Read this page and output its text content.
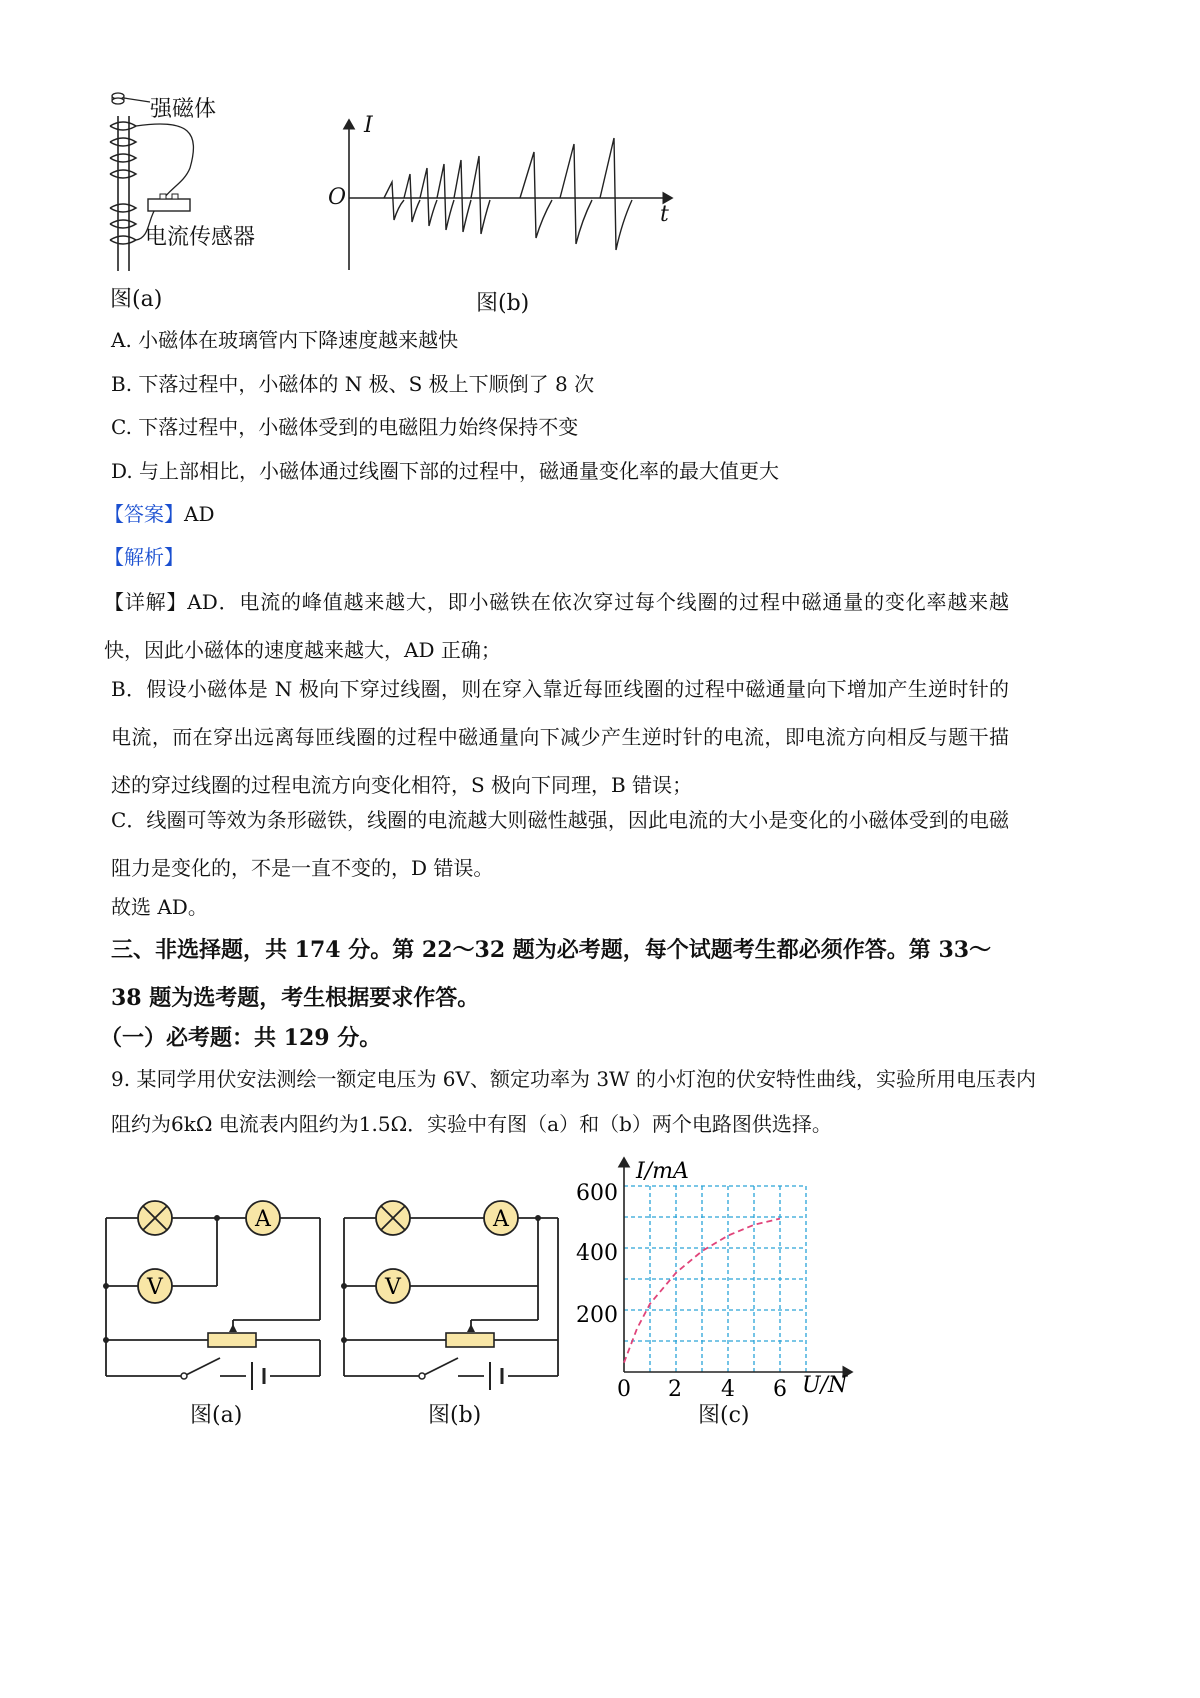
强磁体
电流传感器
图(a)
I
O
t
图(b)
A. 小磁体在玻璃管内下降速度越来越快
B. 下落过程中，小磁体的 N 极、S 极上下顺倒了 8 次
C. 下落过程中，小磁体受到的电磁阻力始终保持不变
D. 与上部相比，小磁体通过线圈下部的过程中，磁通量变化率的最大值更大
【答案】AD
【解析】
【详解】AD．电流的峰值越来越大，即小磁铁在依次穿过每个线圈的过程中磁通量的变化率越来越快，因此小磁体的速度越来越大，AD 正确；
B．假设小磁体是 N 极向下穿过线圈，则在穿入靠近每匝线圈的过程中磁通量向下增加产生逆时针的电流，而在穿出远离每匝线圈的过程中磁通量向下减少产生逆时针的电流，即电流方向相反与题干描述的穿过线圈的过程电流方向变化相符，S 极向下同理，B 错误；
C．线圈可等效为条形磁铁，线圈的电流越大则磁性越强，因此电流的大小是变化的小磁体受到的电磁阻力是变化的，不是一直不变的，D 错误。
故选 AD。
三、非选择题，共 174 分。第 22～32 题为必考题，每个试题考生都必须作答。第 33～38 题为选考题，考生根据要求作答。
（一）必考题：共 129 分。
9. 某同学用伏安法测绘一额定电压为 6V、额定功率为 3W 的小灯泡的伏安特性曲线，实验所用电压表内
阻约为6kΩ 电流表内阻约为1.5Ω．实验中有图（a）和（b）两个电路图供选择。
A
V
图(a)
A
V
图(b)
I/mA
U/N
600
400
200
0 2 4 6
图(c)
